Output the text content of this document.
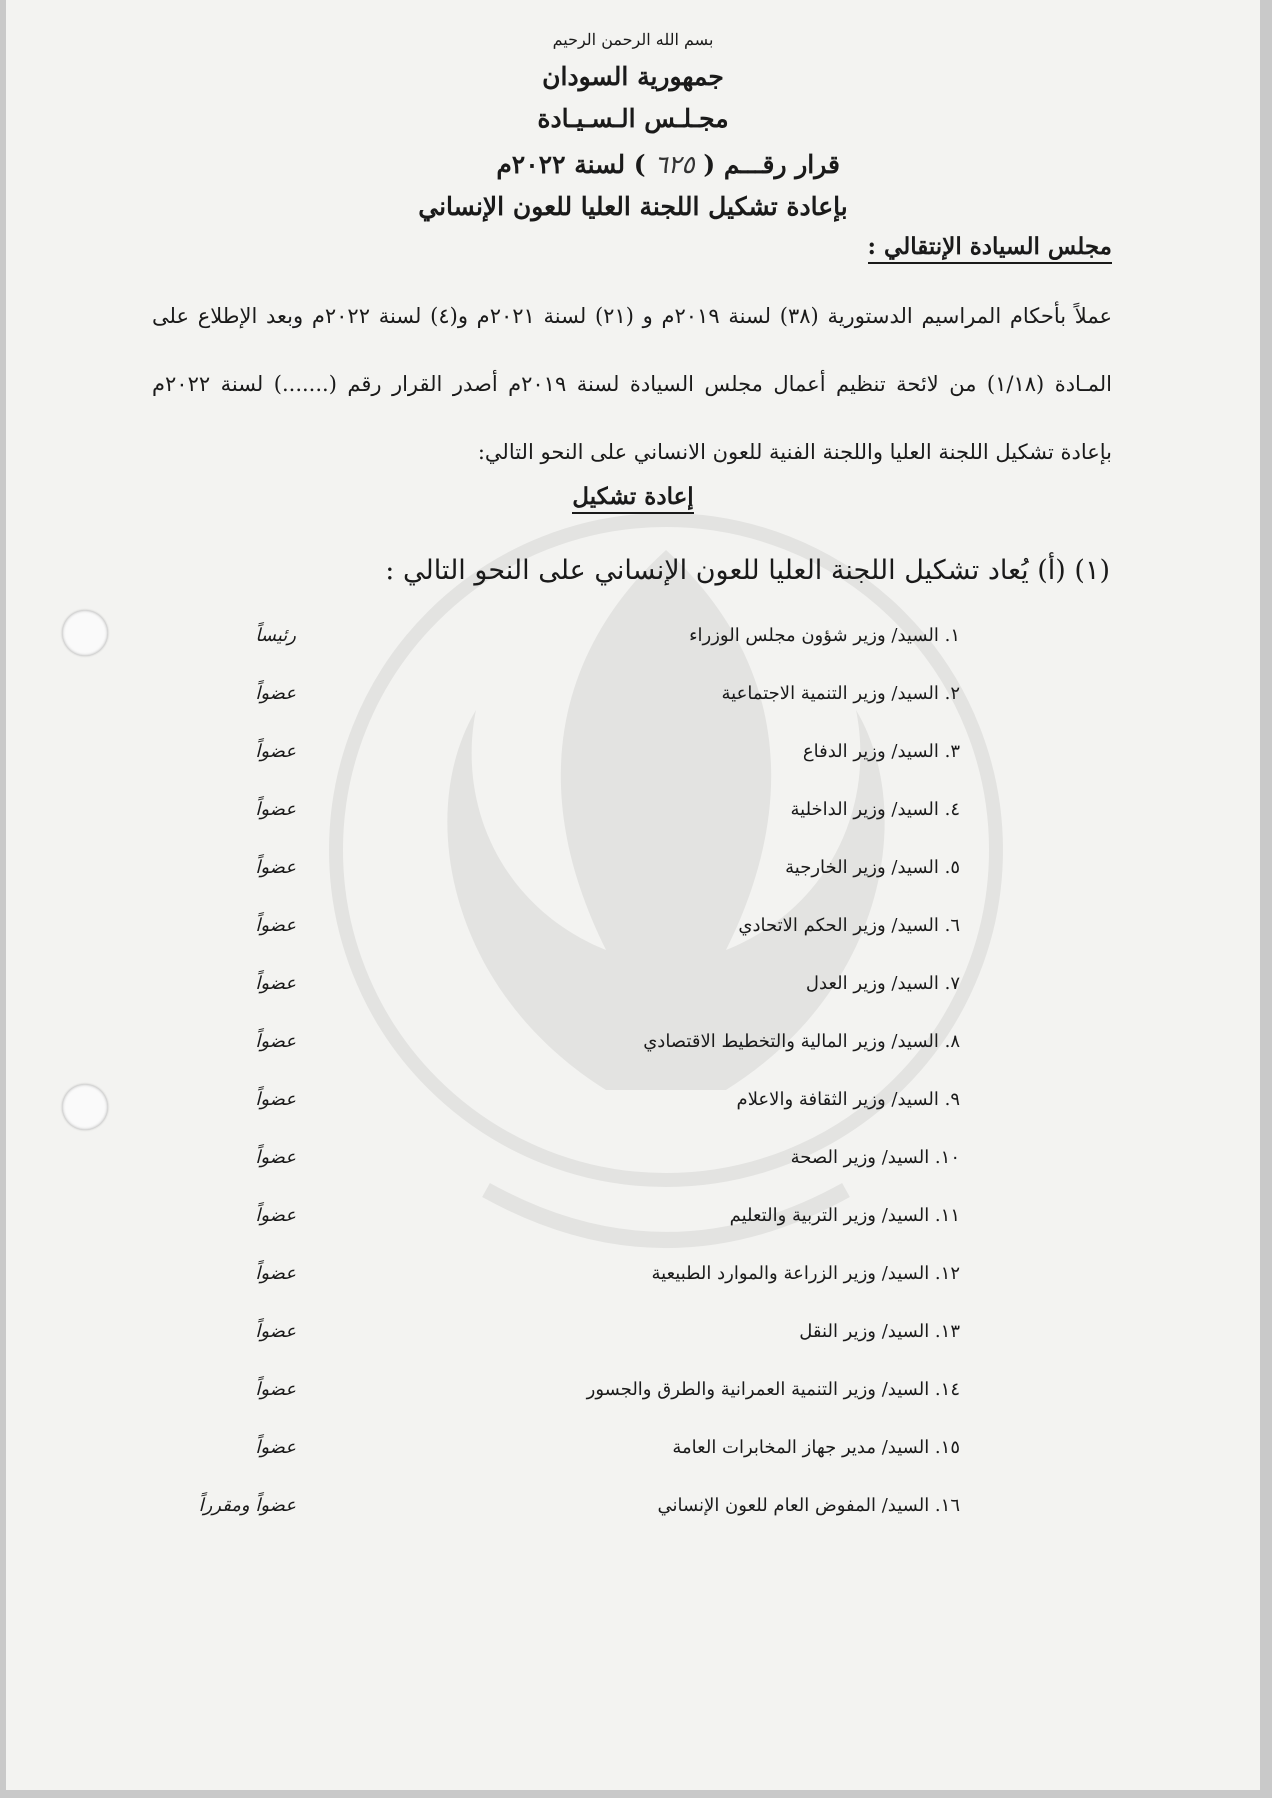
بسم الله الرحمن الرحيم
جمهورية السودان
مجـلـس الـسـيـادة
قرار رقـــم ( ٦٢٥ ) لسنة ٢٠٢٢م
بإعادة تشكيل اللجنة العليا للعون الإنساني
مجلس السيادة الإنتقالي :
عملاً بأحكام المراسيم الدستورية (٣٨) لسنة ٢٠١٩م و (٢١) لسنة ٢٠٢١م و(٤) لسنة ٢٠٢٢م وبعد الإطلاع على المـادة (١/١٨) من لائحة تنظيم أعمال مجلس السيادة لسنة ٢٠١٩م أصدر القرار رقم (.......) لسنة ٢٠٢٢م بإعادة تشكيل اللجنة العليا واللجنة الفنية للعون الانساني على النحو التالي:
إعادة تشكيل
(١) (أ) يُعاد تشكيل اللجنة العليا للعون الإنساني على النحو التالي :
١. السيد/ وزير شؤون مجلس الوزراء
رئيساً
٢. السيد/ وزير التنمية الاجتماعية
عضواً
٣. السيد/ وزير الدفاع
عضواً
٤. السيد/ وزير الداخلية
عضواً
٥. السيد/ وزير الخارجية
عضواً
٦. السيد/ وزير الحكم الاتحادي
عضواً
٧. السيد/ وزير العدل
عضواً
٨. السيد/ وزير المالية والتخطيط الاقتصادي
عضواً
٩. السيد/ وزير الثقافة والاعلام
عضواً
١٠. السيد/ وزير الصحة
عضواً
١١. السيد/ وزير التربية والتعليم
عضواً
١٢. السيد/ وزير الزراعة والموارد الطبيعية
عضواً
١٣. السيد/ وزير النقل
عضواً
١٤. السيد/ وزير التنمية العمرانية والطرق والجسور
عضواً
١٥. السيد/ مدير جهاز المخابرات العامة
عضواً
١٦. السيد/ المفوض العام للعون الإنساني
عضواً ومقرراً
